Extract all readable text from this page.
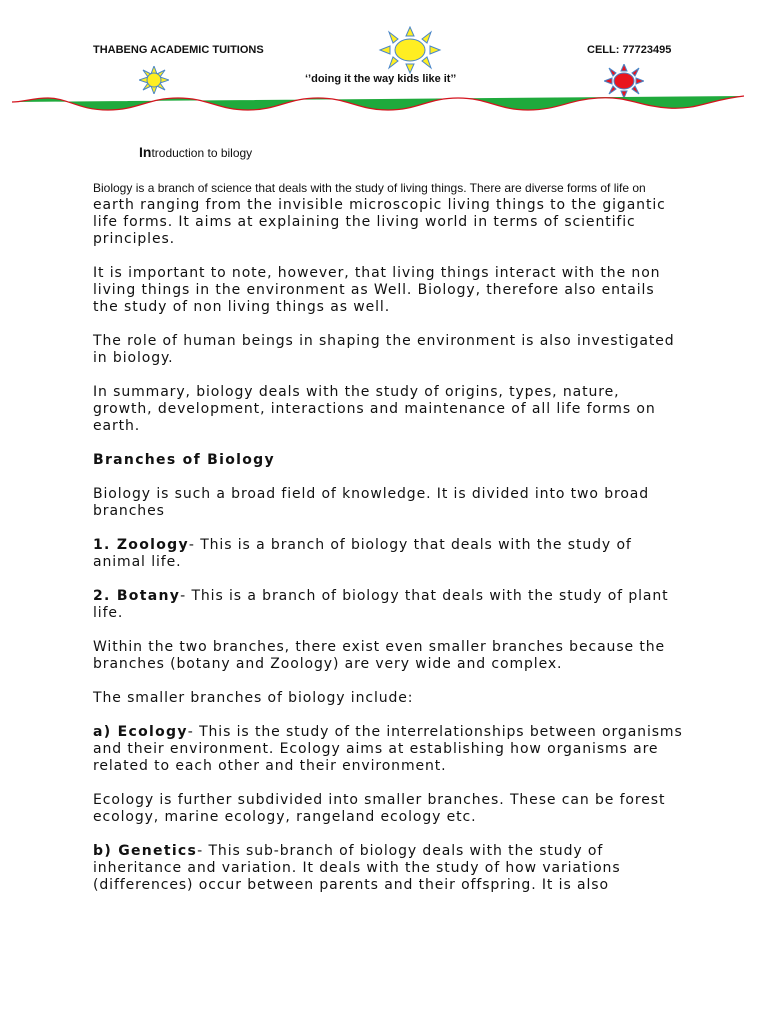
THABENG ACADEMIC TUITIONS	CELL: 77723495
‘’doing it the way kids like it’’
Introduction to bilogy

Biology is a branch of science that deals with the study of living things. There are diverse forms of life on earth ranging from the invisible microscopic living things to the gigantic life forms. It aims at explaining the living world in terms of scientific principles.

It is important to note, however, that living things interact with the non living things in the environment as Well. Biology, therefore also entails the study of non living things as well.

The role of human beings in shaping the environment is also investigated in biology.

In summary, biology deals with the study of origins, types, nature, growth, development, interactions and maintenance of all life forms on earth.

Branches of Biology

Biology is such a broad field of knowledge. It is divided into two broad branches

1. Zoology- This is a branch of biology that deals with the study of animal life.

2. Botany- This is a branch of biology that deals with the study of plant life.

Within the two branches, there exist even smaller branches because the branches (botany and Zoology) are very wide and complex.

The smaller branches of biology include:

a) Ecology- This is the study of the interrelationships between organisms and their environment. Ecology aims at establishing how organisms are related to each other and their environment.

Ecology is further subdivided into smaller branches. These can be forest ecology, marine ecology, rangeland ecology etc.

b) Genetics- This sub-branch of biology deals with the study of inheritance and variation. It deals with the study of how variations (differences) occur between parents and their offspring. It is also
